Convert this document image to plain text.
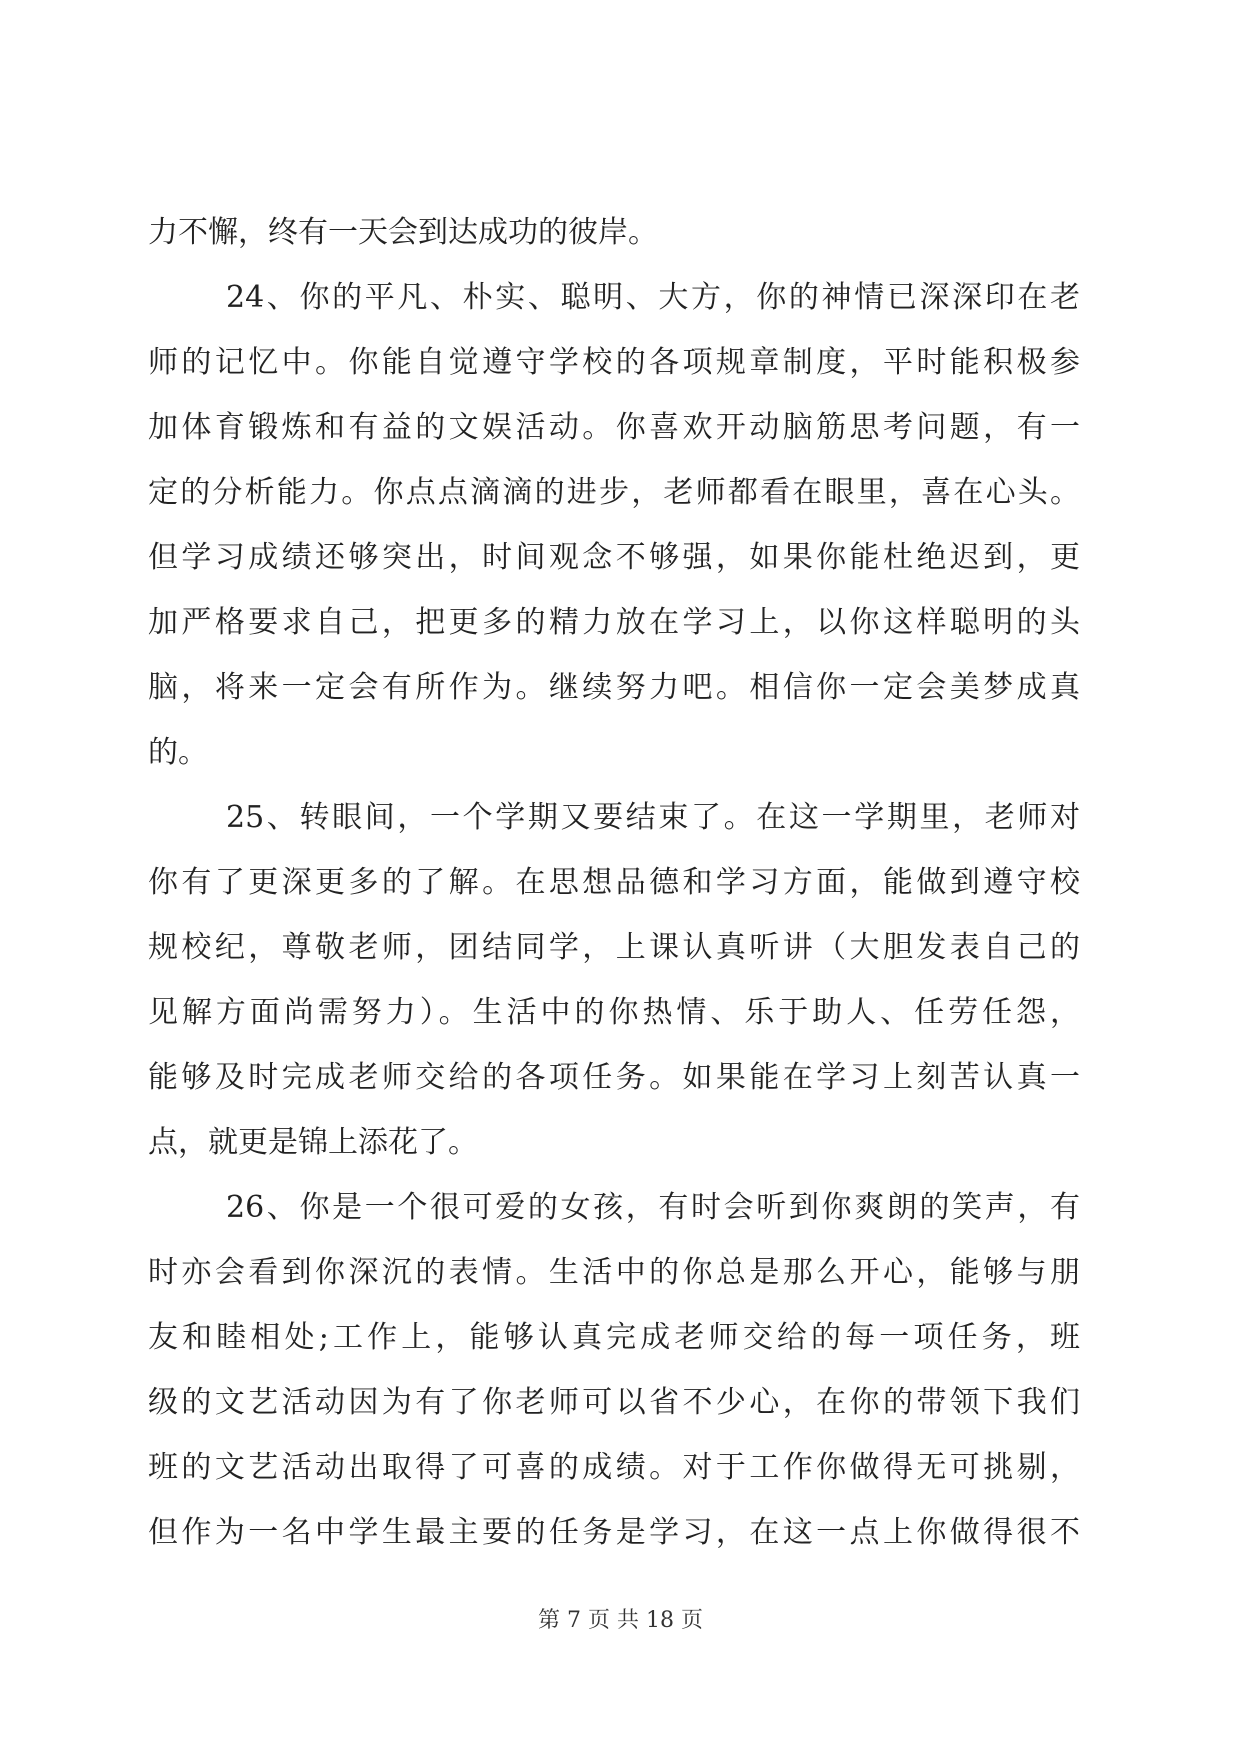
力不懈，终有一天会到达成功的彼岸。
24、你的平凡、朴实、聪明、大方，你的神情已深深印在老
师的记忆中。你能自觉遵守学校的各项规章制度，平时能积极参
加体育锻炼和有益的文娱活动。你喜欢开动脑筋思考问题，有一
定的分析能力。你点点滴滴的进步，老师都看在眼里，喜在心头。
但学习成绩还够突出，时间观念不够强，如果你能杜绝迟到，更
加严格要求自己，把更多的精力放在学习上，以你这样聪明的头
脑，将来一定会有所作为。继续努力吧。相信你一定会美梦成真
的。
25、转眼间，一个学期又要结束了。在这一学期里，老师对
你有了更深更多的了解。在思想品德和学习方面，能做到遵守校
规校纪，尊敬老师，团结同学，上课认真听讲（大胆发表自己的
见解方面尚需努力）。生活中的你热情、乐于助人、任劳任怨，
能够及时完成老师交给的各项任务。如果能在学习上刻苦认真一
点，就更是锦上添花了。
26、你是一个很可爱的女孩，有时会听到你爽朗的笑声，有
时亦会看到你深沉的表情。生活中的你总是那么开心，能够与朋
友和睦相处;工作上，能够认真完成老师交给的每一项任务，班
级的文艺活动因为有了你老师可以省不少心，在你的带领下我们
班的文艺活动出取得了可喜的成绩。对于工作你做得无可挑剔，
但作为一名中学生最主要的任务是学习，在这一点上你做得很不
第 7 页 共 18 页
